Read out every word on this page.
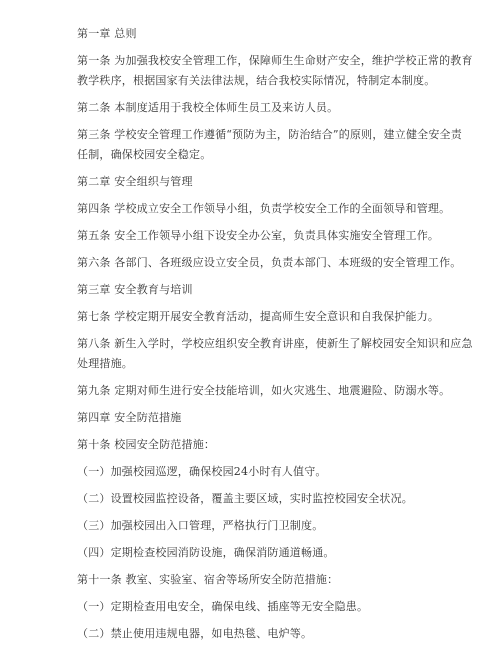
第一章 总则
第一条 为加强我校安全管理工作，保障师生生命财产安全，维护学校正常的教育
教学秩序，根据国家有关法律法规，结合我校实际情况，特制定本制度。
第二条 本制度适用于我校全体师生员工及来访人员。
第三条 学校安全管理工作遵循“预防为主，防治结合”的原则，建立健全安全责
任制，确保校园安全稳定。
第二章 安全组织与管理
第四条 学校成立安全工作领导小组，负责学校安全工作的全面领导和管理。
第五条 安全工作领导小组下设安全办公室，负责具体实施安全管理工作。
第六条 各部门、各班级应设立安全员，负责本部门、本班级的安全管理工作。
第三章 安全教育与培训
第七条 学校定期开展安全教育活动，提高师生安全意识和自我保护能力。
第八条 新生入学时，学校应组织安全教育讲座，使新生了解校园安全知识和应急
处理措施。
第九条 定期对师生进行安全技能培训，如火灾逃生、地震避险、防溺水等。
第四章 安全防范措施
第十条 校园安全防范措施：
（一）加强校园巡逻，确保校园24小时有人值守。
（二）设置校园监控设备，覆盖主要区域，实时监控校园安全状况。
（三）加强校园出入口管理，严格执行门卫制度。
（四）定期检查校园消防设施，确保消防通道畅通。
第十一条 教室、实验室、宿舍等场所安全防范措施：
（一）定期检查用电安全，确保电线、插座等无安全隐患。
（二）禁止使用违规电器，如电热毯、电炉等。
